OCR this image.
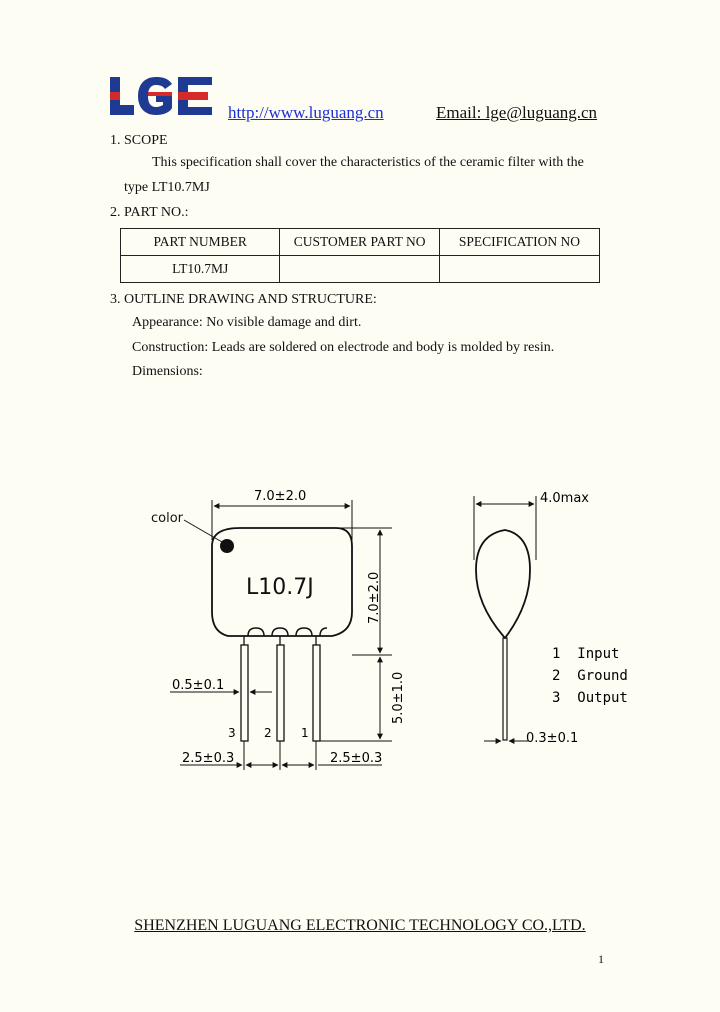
http://www.luguang.cn	Email: lge@luguang.cn
1. SCOPE
This specification shall cover the characteristics of the ceramic filter with the
type LT10.7MJ
2. PART NO.:
PART NUMBER	CUSTOMER PART NO	SPECIFICATION NO
LT10.7MJ		
3. OUTLINE DRAWING AND STRUCTURE:
Appearance: No visible damage and dirt.
Construction: Leads are soldered on electrode and body is molded by resin.
Dimensions:
color
L10.7J
3 2 1
7.0±2.0
7.0±2.0
5.0±1.0
0.5±0.1
2.5±0.3	2.5±0.3
4.0max
0.3±0.1
1  Input
2  Ground
3  Output
SHENZHEN LUGUANG ELECTRONIC TECHNOLOGY CO.,LTD.
1
